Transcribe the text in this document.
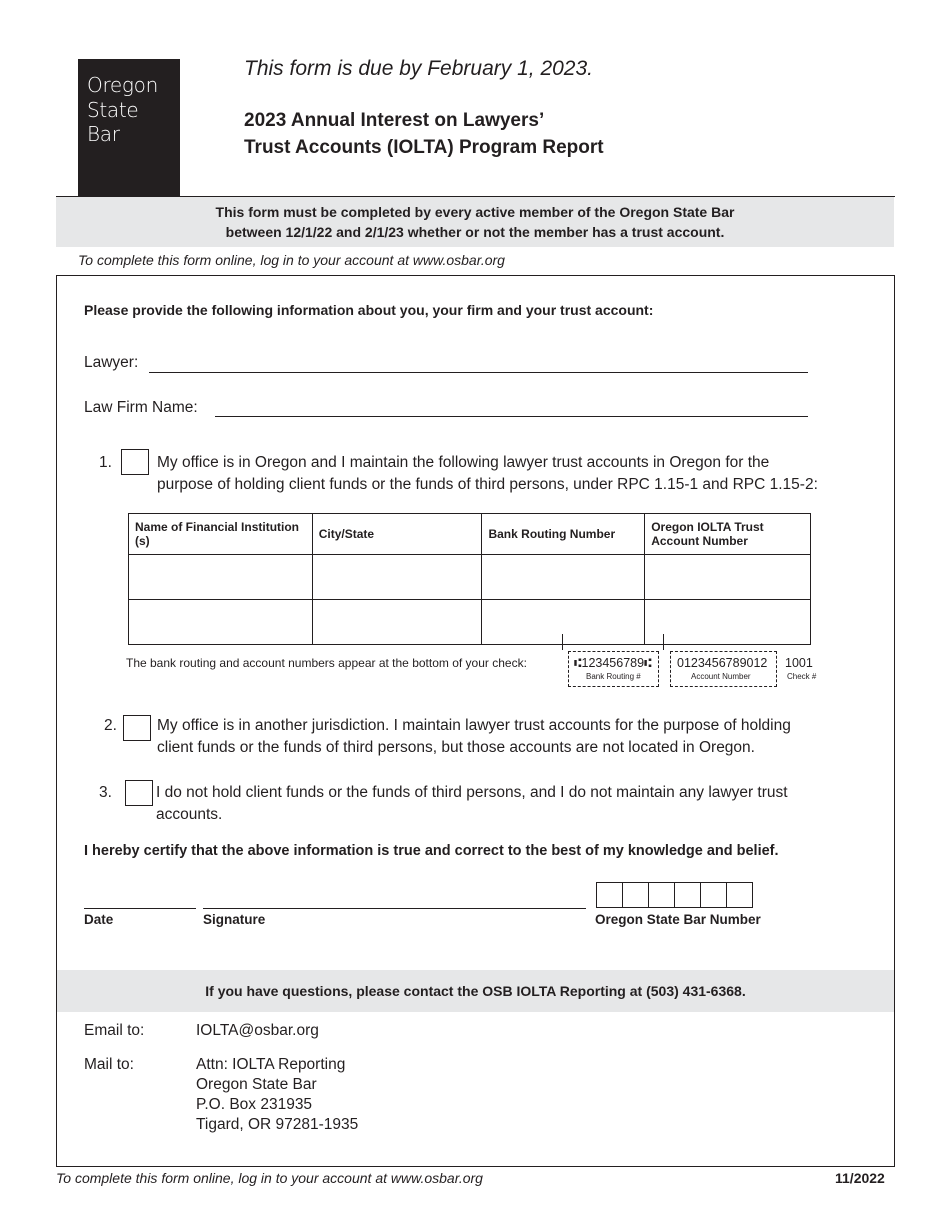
Oregon
State
Bar
This form is due by February 1, 2023.
2023 Annual Interest on Lawyers’
Trust Accounts (IOLTA) Program Report
This form must be completed by every active member of the Oregon State Bar
between 12/1/22 and 2/1/23 whether or not the member has a trust account.
To complete this form online, log in to your account at www.osbar.org
Please provide the following information about you, your firm and your trust account:
Lawyer:
Law Firm Name:
1.	My office is in Oregon and I maintain the following lawyer trust accounts in Oregon for the
purpose of holding client funds or the funds of third persons, under RPC 1.15-1 and RPC 1.15-2:
Name of Financial Institution (s)	City/State	Bank Routing Number	Oregon IOLTA Trust Account Number

The bank routing and account numbers appear at the bottom of your check:	⑆123456789⑆
Bank Routing #
0123456789012
Account Number
1001
Check #
2.	My office is in another jurisdiction. I maintain lawyer trust accounts for the purpose of holding
client funds or the funds of third persons, but those accounts are not located in Oregon.
3.	I do not hold client funds or the funds of third persons, and I do not maintain any lawyer trust
accounts.
I hereby certify that the above information is true and correct to the best of my knowledge and belief.
Date	Signature	Oregon State Bar Number
If you have questions, please contact the OSB IOLTA Reporting at (503) 431-6368.
Email to:	IOLTA@osbar.org
Mail to:	Attn: IOLTA Reporting
Oregon State Bar
P.O. Box 231935
Tigard, OR 97281-1935
To complete this form online, log in to your account at www.osbar.org	11/2022
